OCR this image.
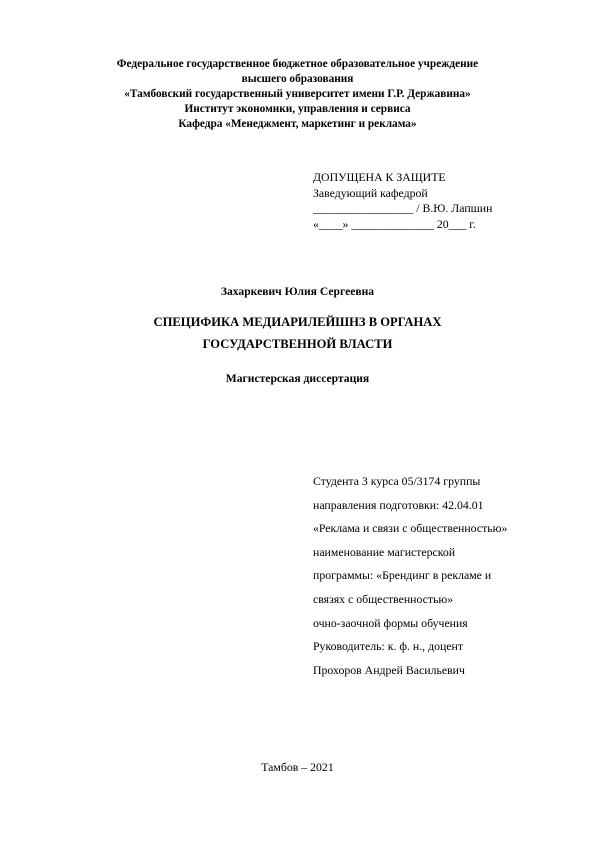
Федеральное государственное бюджетное образовательное учреждение
высшего образования
«Тамбовский государственный университет имени Г.Р. Державина»
Институт экономики, управления и сервиса
Кафедра «Менеджмент, маркетинг и реклама»
ДОПУЩЕНА К ЗАЩИТЕ
Заведующий кафедрой
_________________ / В.Ю. Лапшин
«____» ______________ 20___ г.
Захаркевич Юлия Сергеевна
СПЕЦИФИКА МЕДИАРИЛЕЙШНЗ В ОРГАНАХ
ГОСУДАРСТВЕННОЙ ВЛАСТИ
Магистерская диссертация
Студента 3 курса 05/3174 группы
направления подготовки: 42.04.01
«Реклама и связи с общественностью»
наименование магистерской
программы: «Брендинг в рекламе и
связях с общественностью»
очно-заочной формы обучения
Руководитель: к. ф. н., доцент
Прохоров Андрей Васильевич
Тамбов – 2021
